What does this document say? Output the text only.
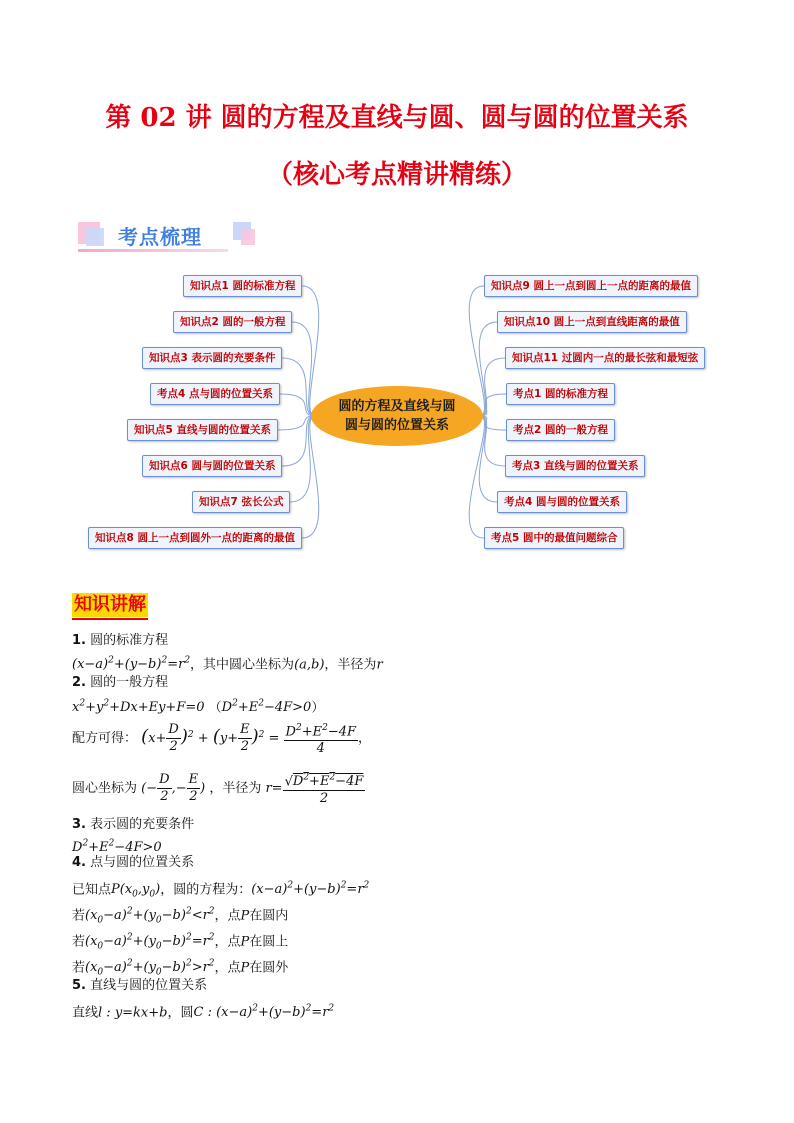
第 02 讲 圆的方程及直线与圆、圆与圆的位置关系
（核心考点精讲精练）
考点梳理
知识点1 圆的标准方程
知识点2 圆的一般方程
知识点3 表示圆的充要条件
考点4 点与圆的位置关系
知识点5 直线与圆的位置关系
知识点6 圆与圆的位置关系
知识点7 弦长公式
知识点8 圆上一点到圆外一点的距离的最值
知识点9 圆上一点到圆上一点的距离的最值
知识点10 圆上一点到直线距离的最值
知识点11 过圆内一点的最长弦和最短弦
考点1 圆的标准方程
考点2 圆的一般方程
考点3 直线与圆的位置关系
考点4 圆与圆的位置关系
考点5 圆中的最值问题综合
圆的方程及直线与圆
圆与圆的位置关系
知识讲解
1. 圆的标准方程
$(x-a)^2+(y-b)^2=r^2$，其中圆心坐标为(a,b)，半径为r
2. 圆的一般方程
$x^2+y^2+Dx+Ey+F=0$ $(D^2+E^2-4F>0)$
配方可得： $(x+ \frac{D}{2} )^2 + (y+ \frac{E}{2} )^2 = \frac{D^2+E^2-4F}{4}$ ，
圆心坐标为 (− $\frac{D}{2}$ ,− $\frac{E}{2}$ ) ，半径为 $r= \frac{√D^2+E^2-4F}{2}$
3. 表示圆的充要条件
$D^2+E^2-4F>0$
4. 点与圆的位置关系
已知点$P(x_0,y_0)$，圆的方程为：$(x-a)^2+(y-b)^2=r^2$
若$(x_0-a)^2+(y_0-b)^2<r^2$，点P在圆内
若$(x_0-a)^2+(y_0-b)^2=r^2$，点P在圆上
若$(x_0-a)^2+(y_0-b)^2>r^2$，点P在圆外
5. 直线与圆的位置关系
直线l : y=kx+b，圆C : $(x-a)^2+(y-b)^2=r^2$
